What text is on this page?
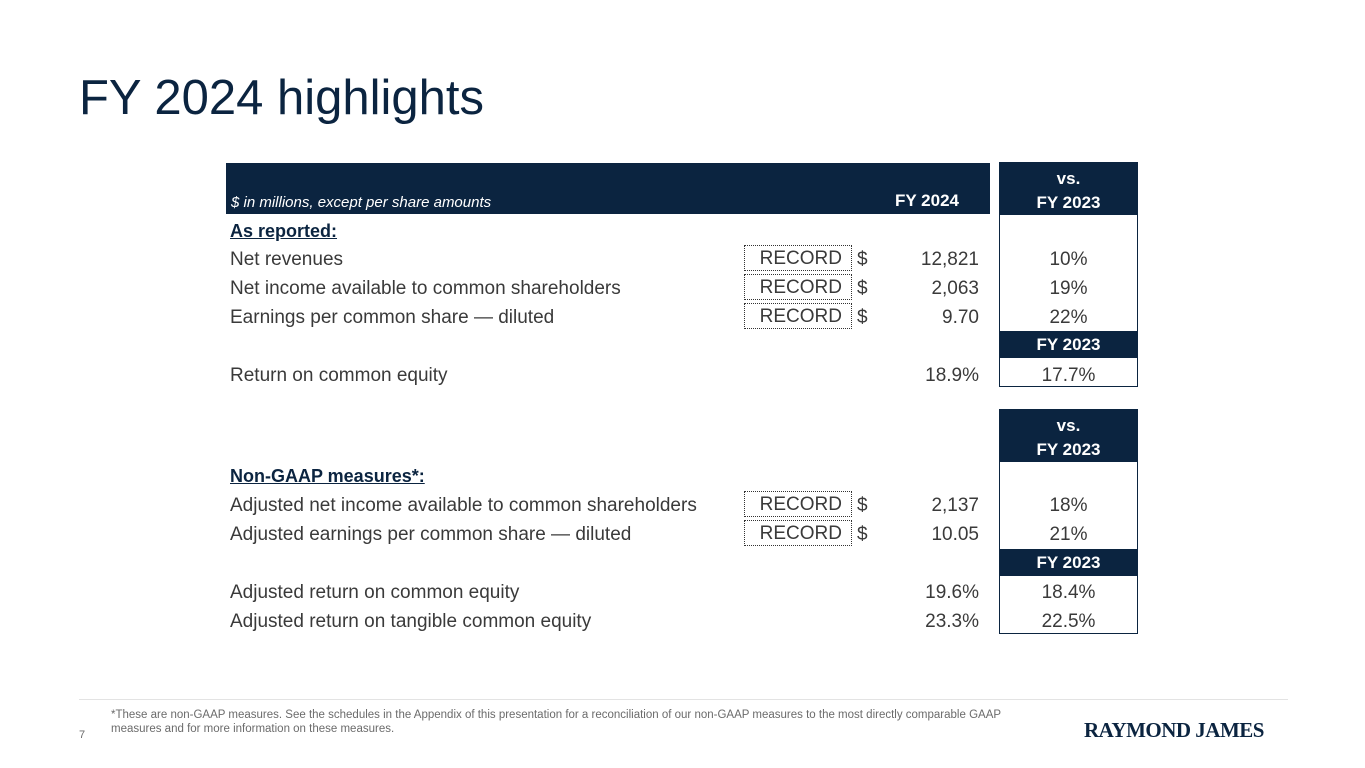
FY 2024 highlights
$ in millions, except per share amounts	FY 2024
vs.
FY 2023
FY 2023
As reported:
Net revenues	RECORD $	12,821	10%
Net income available to common shareholders	RECORD $	2,063	19%
Earnings per common share — diluted	RECORD $	9.70	22%
Return on common equity	18.9%	17.7%
vs.
FY 2023
FY 2023
Non-GAAP measures*:
Adjusted net income available to common shareholders	RECORD $	2,137	18%
Adjusted earnings per common share — diluted	RECORD $	10.05	21%
Adjusted return on common equity	19.6%	18.4%
Adjusted return on tangible common equity	23.3%	22.5%
*These are non-GAAP measures. See the schedules in the Appendix of this presentation for a reconciliation of our non-GAAP measures to the most directly comparable GAAP measures and for more information on these measures.
7	RAYMOND JAMES
